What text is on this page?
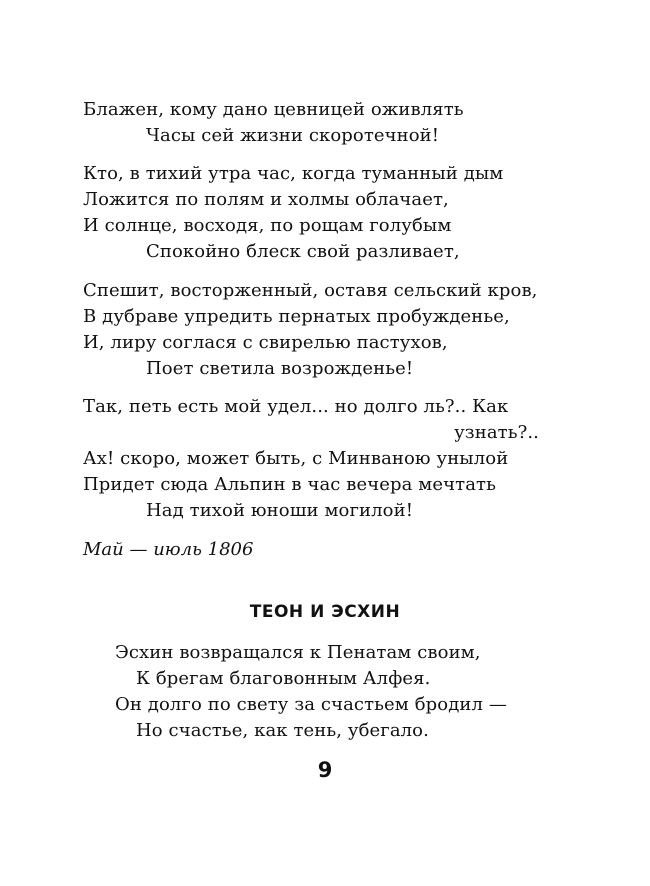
Блажен, кому дано цевницей оживлять
Часы сей жизни скоротечной!
Кто, в тихий утра час, когда туманный дым
Ложится по полям и холмы облачает,
И солнце, восходя, по рощам голубым
Спокойно блеск свой разливает,
Спешит, восторженный, оставя сельский кров,
В дубраве упредить пернатых пробужденье,
И, лиру соглася с свирелью пастухов,
Поет светила возрожденье!
Так, петь есть мой удел... но долго ль?.. Как
узнать?..
Ах! скоро, может быть, с Минваною унылой
Придет сюда Альпин в час вечера мечтать
Над тихой юноши могилой!
Май — июль 1806
ТЕОН И ЭСХИН
Эсхин возвращался к Пенатам своим,
К брегам благовонным Алфея.
Он долго по свету за счастьем бродил —
Но счастье, как тень, убегало.
9
